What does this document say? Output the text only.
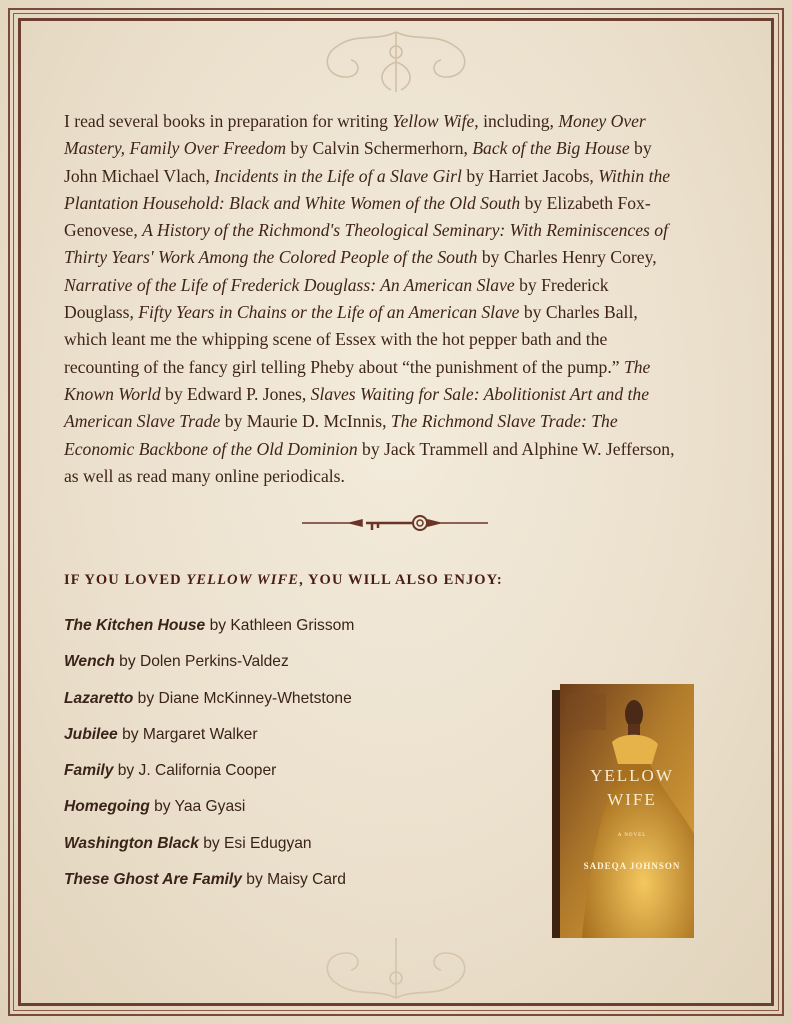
I read several books in preparation for writing Yellow Wife, including, Money Over Mastery, Family Over Freedom by Calvin Schermerhorn, Back of the Big House by John Michael Vlach, Incidents in the Life of a Slave Girl by Harriet Jacobs, Within the Plantation Household: Black and White Women of the Old South by Elizabeth Fox- Genovese, A History of the Richmond's Theological Seminary: With Reminiscences of Thirty Years' Work Among the Colored People of the South by Charles Henry Corey, Narrative of the Life of Frederick Douglass: An American Slave by Frederick Douglass, Fifty Years in Chains or the Life of an American Slave by Charles Ball, which leant me the whipping scene of Essex with the hot pepper bath and the recounting of the fancy girl telling Pheby about “the punishment of the pump.” The Known World by Edward P. Jones, Slaves Waiting for Sale: Abolitionist Art and the American Slave Trade by Maurie D. McInnis, The Richmond Slave Trade: The Economic Backbone of the Old Dominion by Jack Trammell and Alphine W. Jefferson, as well as read many online periodicals.
IF YOU LOVED YELLOW WIFE, YOU WILL ALSO ENJOY:
The Kitchen House by Kathleen Grissom
Wench by Dolen Perkins-Valdez
Lazaretto by Diane McKinney-Whetstone
Jubilee by Margaret Walker
Family by J. California Cooper
Homegoing by Yaa Gyasi
Washington Black by Esi Edugyan
These Ghost Are Family by Maisy Card
YELLOW
WIFE
A NOVEL
SADEQA JOHNSON
